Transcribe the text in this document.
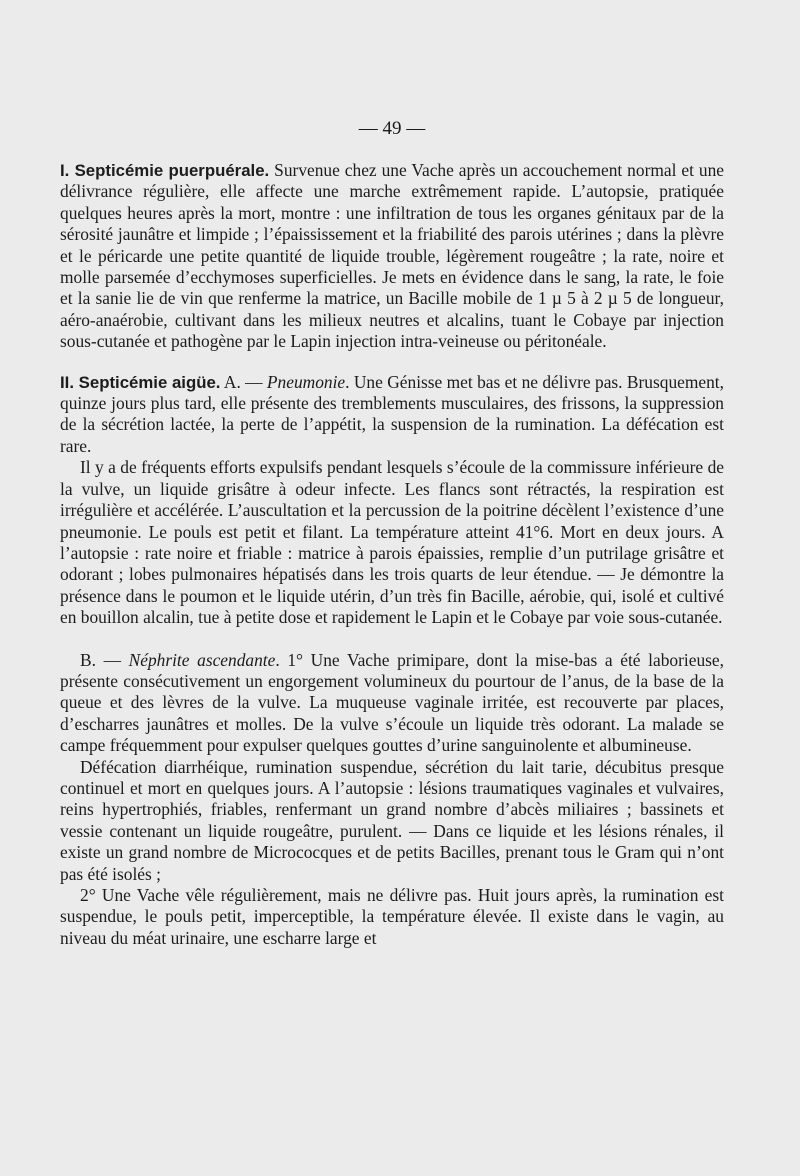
— 49 —

I. Septicémie puerpuérale. Survenue chez une Vache après un accouchement normal et une délivrance régulière, elle affecte une marche extrêmement rapide. L’autopsie, pratiquée quelques heures après la mort, montre : une infiltration de tous les organes génitaux par de la sérosité jaunâtre et limpide ; l’épaississement et la friabilité des parois utérines ; dans la plèvre et le péricarde une petite quantité de liquide trouble, légèrement rougeâtre ; la rate, noire et molle parsemée d’ecchymoses superficielles. Je mets en évidence dans le sang, la rate, le foie et la sanie lie de vin que renferme la matrice, un Bacille mobile de 1 µ 5 à 2 µ 5 de longueur, aéro-anaérobie, cultivant dans les milieux neutres et alcalins, tuant le Cobaye par injection sous-cutanée et pathogène par le Lapin injection intra-veineuse ou péritonéale.

II. Septicémie aigüe. A. — Pneumonie. Une Génisse met bas et ne délivre pas. Brusquement, quinze jours plus tard, elle présente des tremblements musculaires, des frissons, la suppression de la sécrétion lactée, la perte de l’appétit, la suspension de la rumination. La défécation est rare.

Il y a de fréquents efforts expulsifs pendant lesquels s’écoule de la commissure inférieure de la vulve, un liquide grisâtre à odeur infecte. Les flancs sont rétractés, la respiration est irrégulière et accélérée. L’auscultation et la percussion de la poitrine décèlent l’existence d’une pneumonie. Le pouls est petit et filant. La température atteint 41°6. Mort en deux jours. A l’autopsie : rate noire et friable : matrice à parois épaissies, remplie d’un putrilage grisâtre et odorant ; lobes pulmonaires hépatisés dans les trois quarts de leur étendue. — Je démontre la présence dans le poumon et le liquide utérin, d’un très fin Bacille, aérobie, qui, isolé et cultivé en bouillon alcalin, tue à petite dose et rapidement le Lapin et le Cobaye par voie sous-cutanée.

B. — Néphrite ascendante. 1° Une Vache primipare, dont la mise-bas a été laborieuse, présente consécutivement un engorgement volumineux du pourtour de l’anus, de la base de la queue et des lèvres de la vulve. La muqueuse vaginale irritée, est recouverte par places, d’escharres jaunâtres et molles. De la vulve s’écoule un liquide très odorant. La malade se campe fréquemment pour expulser quelques gouttes d’urine sanguinolente et albumineuse.

Défécation diarrhéique, rumination suspendue, sécrétion du lait tarie, décubitus presque continuel et mort en quelques jours. A l’autopsie : lésions traumatiques vaginales et vulvaires, reins hypertrophiés, friables, renfermant un grand nombre d’abcès miliaires ; bassinets et vessie contenant un liquide rougeâtre, purulent. — Dans ce liquide et les lésions rénales, il existe un grand nombre de Micrococques et de petits Bacilles, prenant tous le Gram qui n’ont pas été isolés ;

2° Une Vache vêle régulièrement, mais ne délivre pas. Huit jours après, la rumination est suspendue, le pouls petit, imperceptible, la température élevée. Il existe dans le vagin, au niveau du méat urinaire, une escharre large et
